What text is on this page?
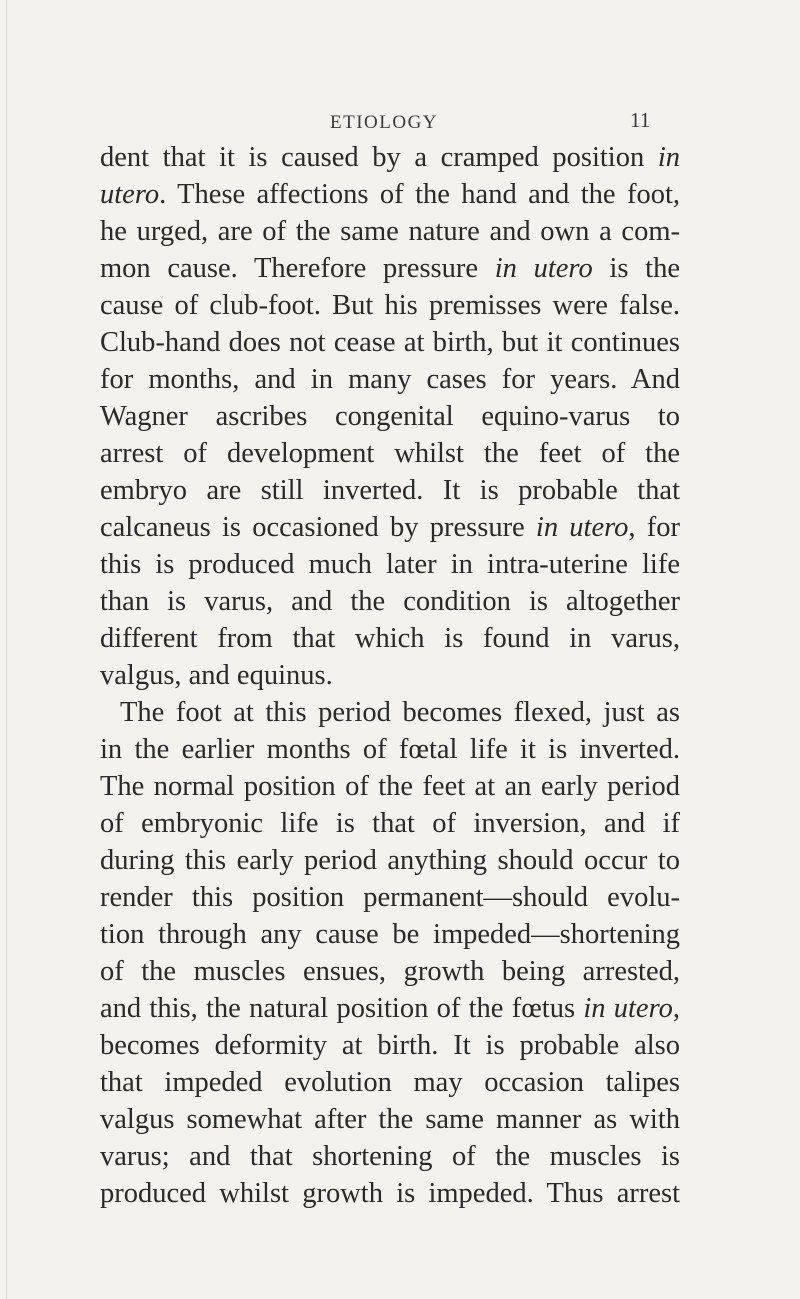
ETIOLOGY	11
dent that it is caused by a cramped position in
utero. These affections of the hand and the foot,
he urged, are of the same nature and own a com-
mon cause. Therefore pressure in utero is the
cause of club-foot. But his premisses were false.
Club-hand does not cease at birth, but it continues
for months, and in many cases for years. And
Wagner ascribes congenital equino-varus to
arrest of development whilst the feet of the
embryo are still inverted. It is probable that
calcaneus is occasioned by pressure in utero, for
this is produced much later in intra-uterine life
than is varus, and the condition is altogether
different from that which is found in varus,
valgus, and equinus.
The foot at this period becomes flexed, just as
in the earlier months of fœtal life it is inverted.
The normal position of the feet at an early period
of embryonic life is that of inversion, and if
during this early period anything should occur to
render this position permanent—should evolu-
tion through any cause be impeded—shortening
of the muscles ensues, growth being arrested,
and this, the natural position of the fœtus in utero,
becomes deformity at birth. It is probable also
that impeded evolution may occasion talipes
valgus somewhat after the same manner as with
varus; and that shortening of the muscles is
produced whilst growth is impeded. Thus arrest
